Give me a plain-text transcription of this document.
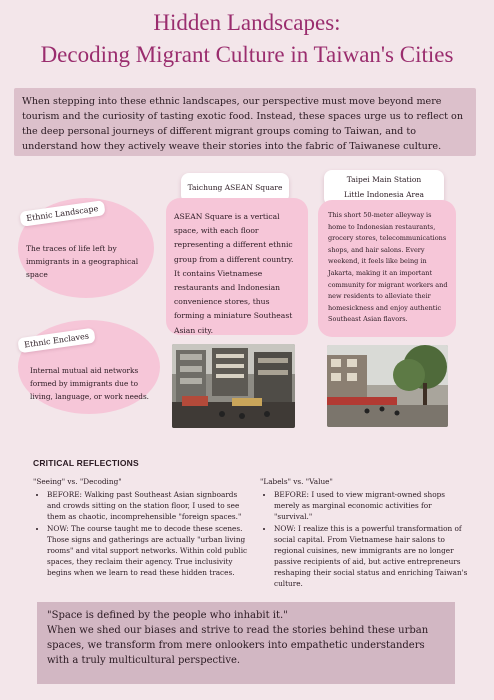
Hidden Landscapes:
Decoding Migrant Culture in Taiwan's Cities
When stepping into these ethnic landscapes, our perspective must move beyond mere tourism and the curiosity of tasting exotic food. Instead, these spaces urge us to reflect on the deep personal journeys of different migrant groups coming to Taiwan, and to understand how they actively weave their stories into the fabric of Taiwanese culture.
Ethnic Landscape
The traces of life left by immigrants in a geographical space
Ethnic Enclaves
Internal mutual aid networks formed by immigrants due to living, language, or work needs.
Taichung ASEAN Square
ASEAN Square is a vertical space, with each floor representing a different ethnic group from a different country. It contains Vietnamese restaurants and Indonesian convenience stores, thus forming a miniature Southeast Asian city.
Taipei Main Station
Little Indonesia Area
This short 50-meter alleyway is home to Indonesian restaurants, grocery stores, telecommunications shops, and hair salons. Every weekend, it feels like being in Jakarta, making it an important community for migrant workers and new residents to alleviate their homesickness and enjoy authentic Southeast Asian flavors.
CRITICAL REFLECTIONS
"Seeing" vs. "Decoding"
• BEFORE: Walking past Southeast Asian signboards and crowds sitting on the station floor, I used to see them as chaotic, incomprehensible "foreign spaces."
• NOW: The course taught me to decode these scenes. Those signs and gatherings are actually "urban living rooms" and vital support networks. Within cold public spaces, they reclaim their agency. True inclusivity begins when we learn to read these hidden traces.
"Labels" vs. "Value"
• BEFORE: I used to view migrant-owned shops merely as marginal economic activities for "survival."
• NOW: I realize this is a powerful transformation of social capital. From Vietnamese hair salons to regional cuisines, new immigrants are no longer passive recipients of aid, but active entrepreneurs reshaping their social status and enriching Taiwan's culture.
"Space is defined by the people who inhabit it."
When we shed our biases and strive to read the stories behind these urban spaces, we transform from mere onlookers into empathetic understanders with a truly multicultural perspective.
